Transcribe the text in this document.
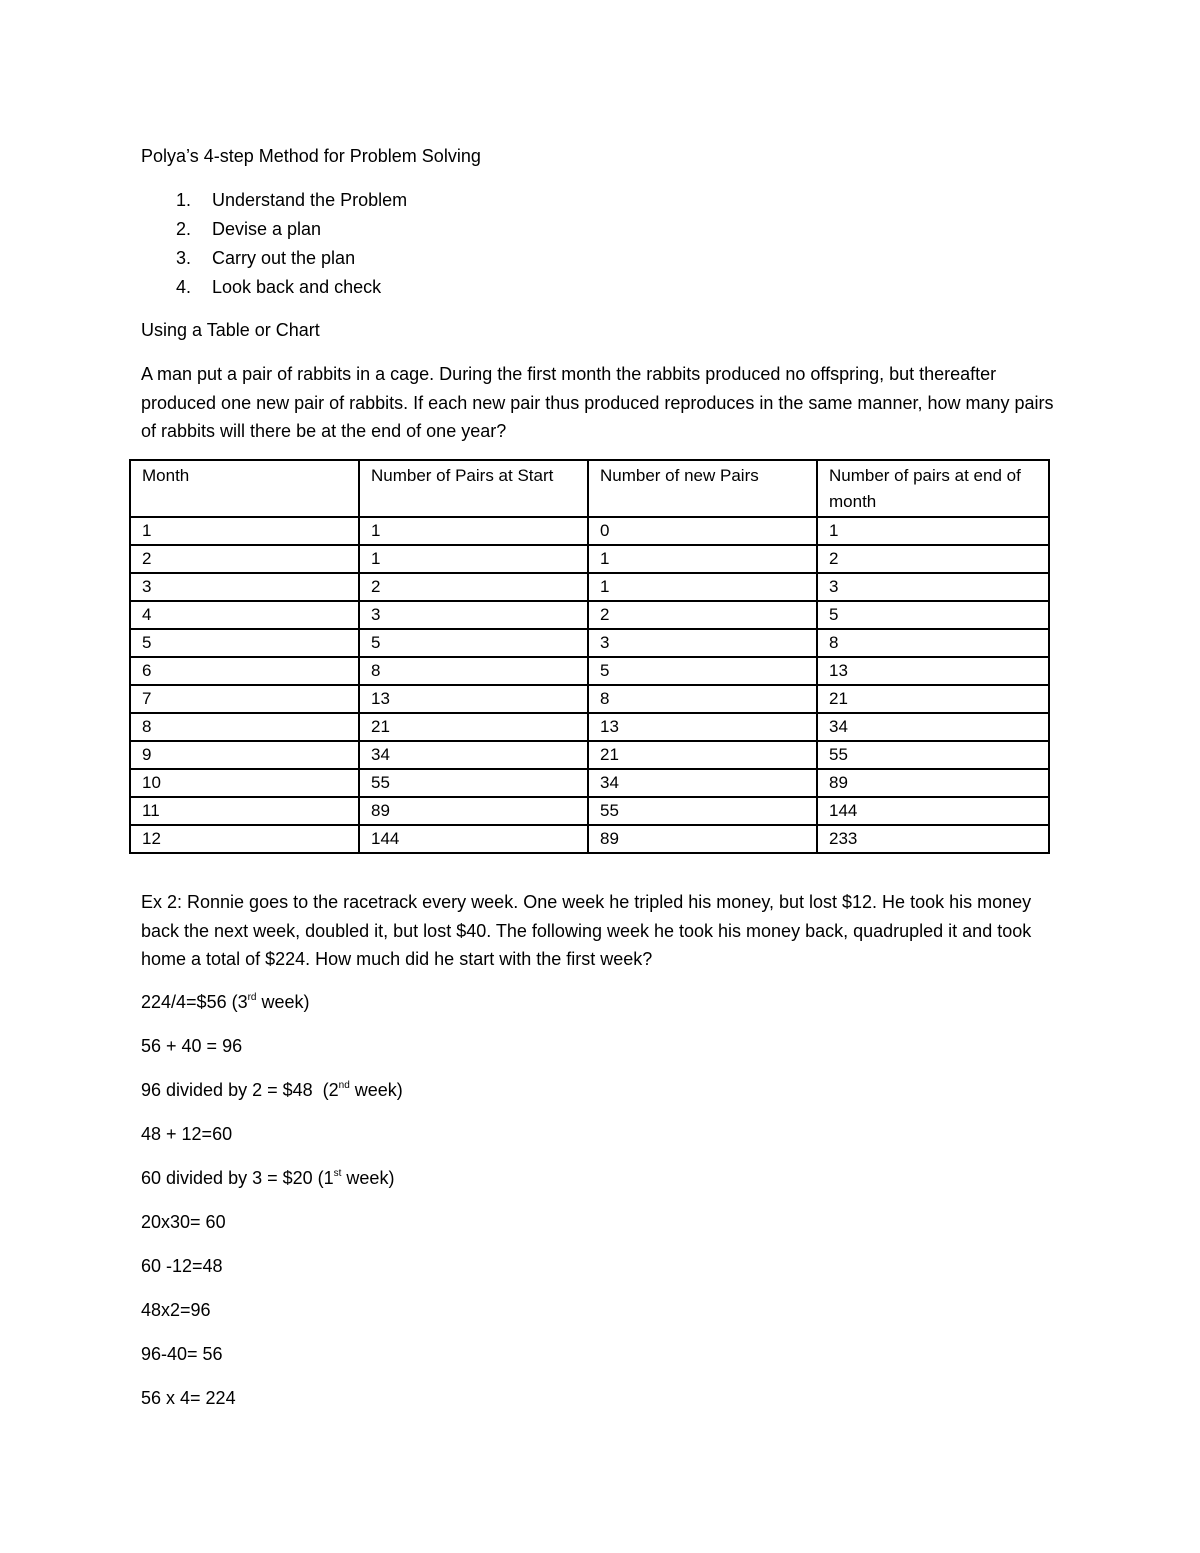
Polya’s 4-step Method for Problem Solving
1. Understand the Problem
2. Devise a plan
3. Carry out the plan
4. Look back and check

Using a Table or Chart

A man put a pair of rabbits in a cage. During the first month the rabbits produced no offspring, but thereafter produced one new pair of rabbits. If each new pair thus produced reproduces in the same manner, how many pairs of rabbits will there be at the end of one year?

Month	Number of Pairs at Start	Number of new Pairs	Number of pairs at end of month
1	1	0	1
2	1	1	2
3	2	1	3
4	3	2	5
5	5	3	8
6	8	5	13
7	13	8	21
8	21	13	34
9	34	21	55
10	55	34	89
11	89	55	144
12	144	89	233

Ex 2: Ronnie goes to the racetrack every week. One week he tripled his money, but lost $12. He took his money back the next week, doubled it, but lost $40. The following week he took his money back, quadrupled it and took home a total of $224. How much did he start with the first week?

224/4=$56 (3rd week)
56 + 40 = 96
96 divided by 2 = $48  (2nd week)
48 + 12=60
60 divided by 3 = $20 (1st week)
20x30= 60
60 -12=48
48x2=96
96-40= 56
56 x 4= 224
